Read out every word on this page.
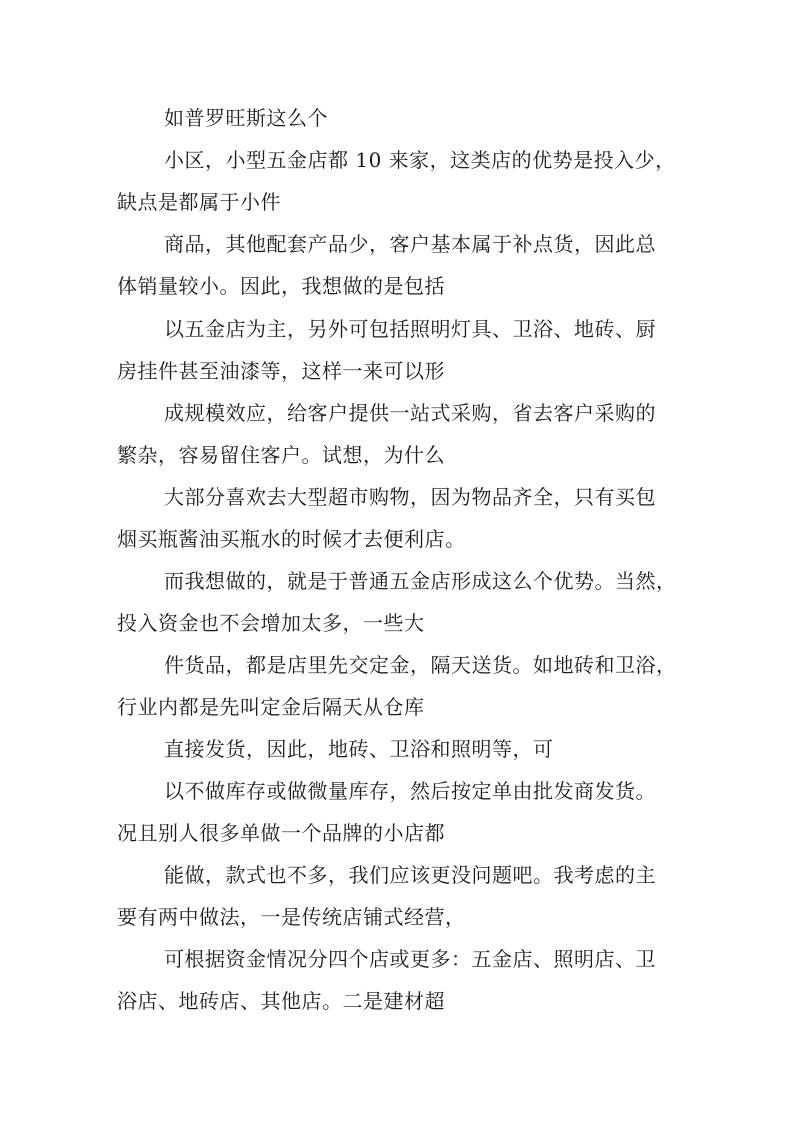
如普罗旺斯这么个
小区，小型五金店都 10 来家，这类店的优势是投入少，
缺点是都属于小件
商品，其他配套产品少，客户基本属于补点货，因此总
体销量较小。因此，我想做的是包括
以五金店为主，另外可包括照明灯具、卫浴、地砖、厨
房挂件甚至油漆等，这样一来可以形
成规模效应，给客户提供一站式采购，省去客户采购的
繁杂，容易留住客户。试想，为什么
大部分喜欢去大型超市购物，因为物品齐全，只有买包
烟买瓶酱油买瓶水的时候才去便利店。
而我想做的，就是于普通五金店形成这么个优势。当然，
投入资金也不会增加太多，一些大
件货品，都是店里先交定金，隔天送货。如地砖和卫浴，
行业内都是先叫定金后隔天从仓库
直接发货，因此，地砖、卫浴和照明等，可
以不做库存或做微量库存，然后按定单由批发商发货。
况且别人很多单做一个品牌的小店都
能做，款式也不多，我们应该更没问题吧。我考虑的主
要有两中做法，一是传统店铺式经营，
可根据资金情况分四个店或更多：五金店、照明店、卫
浴店、地砖店、其他店。二是建材超
